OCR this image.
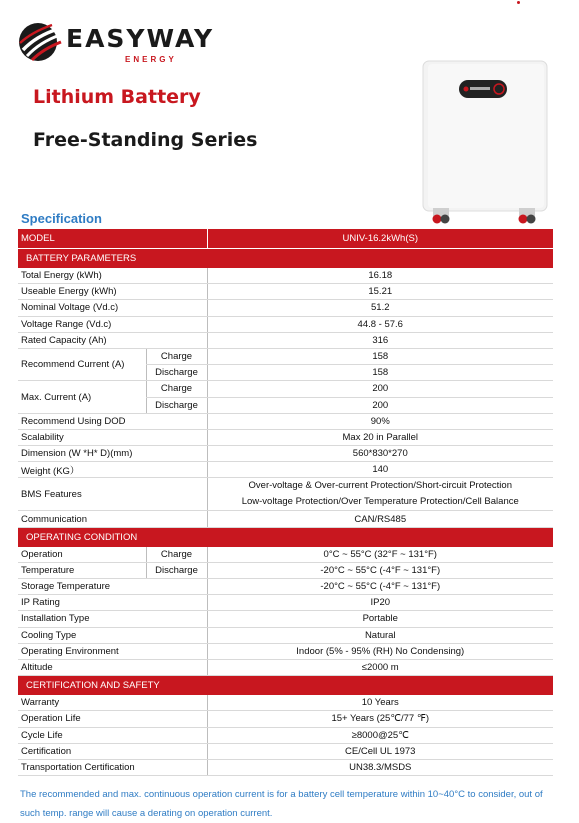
EASYWAY
ENERGY
Lithium Battery
Free-Standing Series
Specification
MODEL		UNIV-16.2kWh(S)
BATTERY PARAMETERS		
Total Energy (kWh)		16.18
Useable Energy (kWh)		15.21
Nominal Voltage (Vd.c)		51.2
Voltage Range (Vd.c)		44.8 - 57.6
Rated Capacity (Ah)		316
Recommend Current (A)	Charge	158
	Discharge	158
Max. Current (A)	Charge	200
	Discharge	200
Recommend Using DOD		90%
Scalability		Max 20 in Parallel
Dimension (W *H* D)(mm)		560*830*270
Weight (KG）		140
BMS Features		Over-voltage & Over-current Protection/Short-circuit Protection
Low-voltage Protection/Over Temperature Protection/Cell Balance

Communication		CAN/RS485
OPERATING CONDITION		
Operation	Charge	0°C ~ 55°C (32°F ~ 131°F)
Temperature	Discharge	-20°C ~ 55°C (-4°F ~ 131°F)
Storage Temperature		-20°C ~ 55°C (-4°F ~ 131°F)
IP Rating		IP20
Installation Type		Portable
Cooling Type		Natural
Operating Environment		Indoor (5% - 95% (RH) No Condensing)
Altitude		≤2000 m
CERTIFICATION AND SAFETY		
Warranty		10 Years
Operation Life		15+ Years (25℃/77 ℉)
Cycle Life		≥8000@25℃
Certification		CE/Cell UL 1973
Transportation Certification		UN38.3/MSDS
The recommended and max. continuous operation current is for a battery cell temperature within 10~40°C to consider, out of such temp. range will cause a derating on operation current.
